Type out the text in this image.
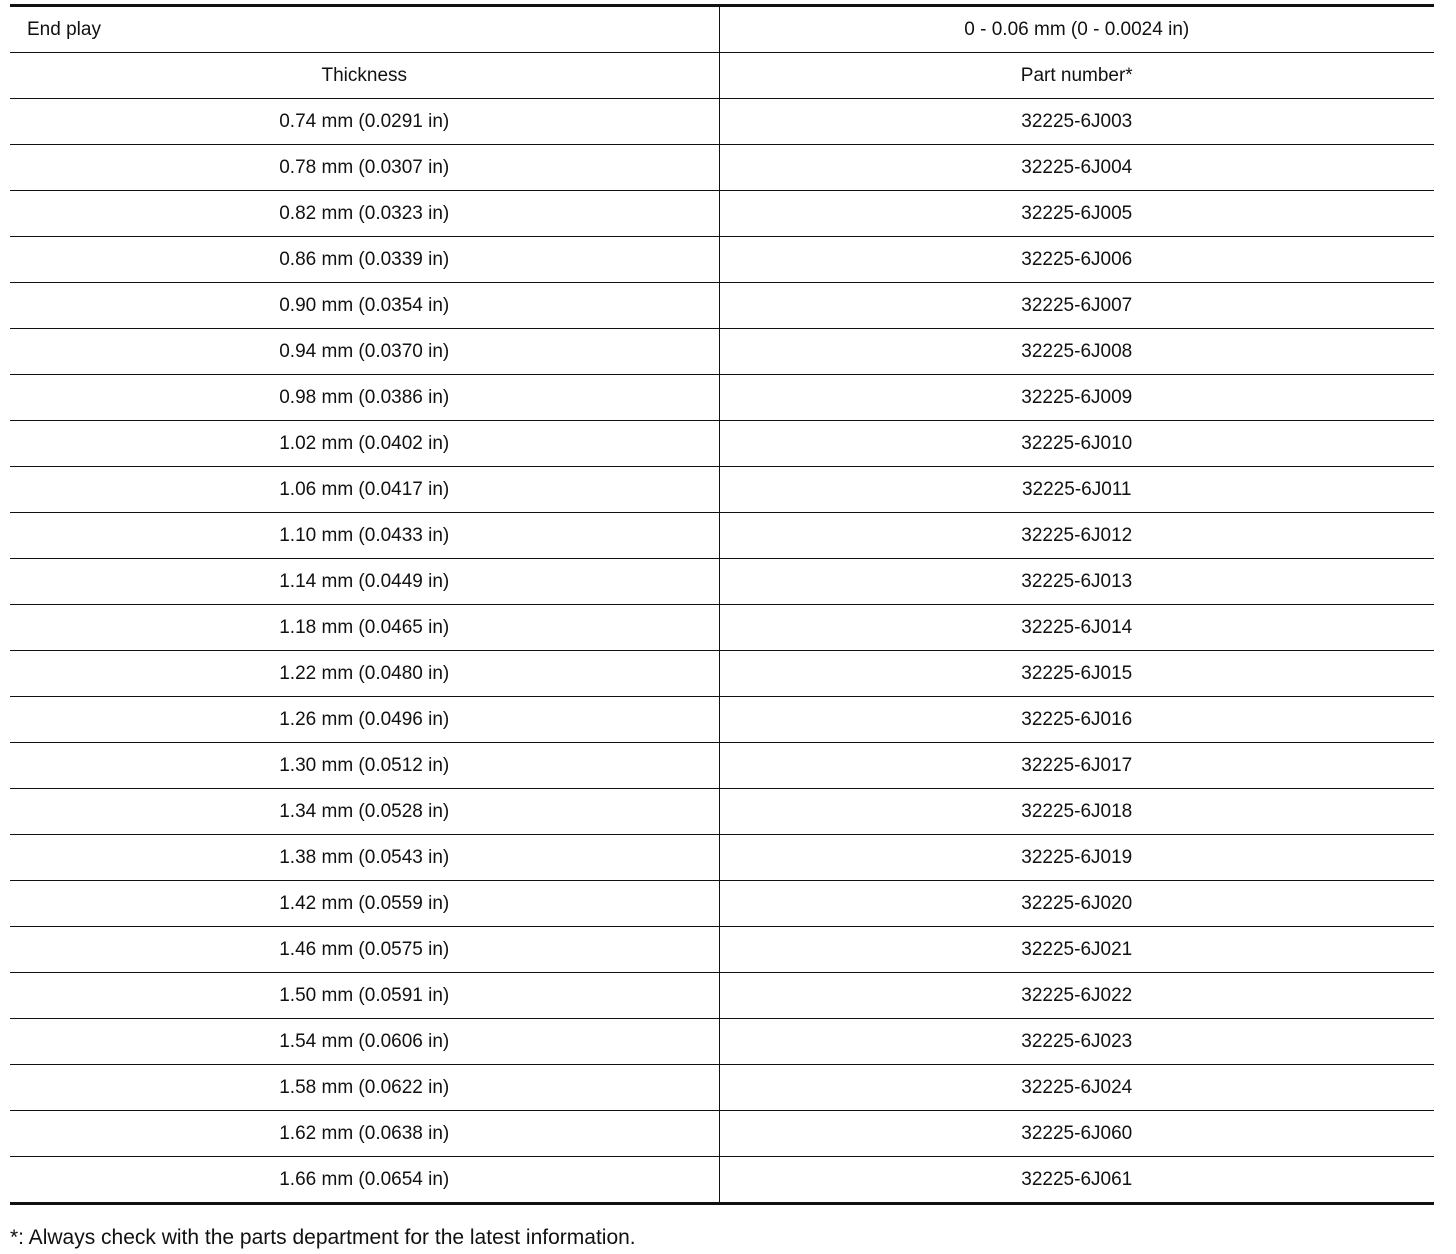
End play	0 - 0.06 mm (0 - 0.0024 in)
Thickness	Part number*
0.74 mm (0.0291 in)	32225-6J003
0.78 mm (0.0307 in)	32225-6J004
0.82 mm (0.0323 in)	32225-6J005
0.86 mm (0.0339 in)	32225-6J006
0.90 mm (0.0354 in)	32225-6J007
0.94 mm (0.0370 in)	32225-6J008
0.98 mm (0.0386 in)	32225-6J009
1.02 mm (0.0402 in)	32225-6J010
1.06 mm (0.0417 in)	32225-6J011
1.10 mm (0.0433 in)	32225-6J012
1.14 mm (0.0449 in)	32225-6J013
1.18 mm (0.0465 in)	32225-6J014
1.22 mm (0.0480 in)	32225-6J015
1.26 mm (0.0496 in)	32225-6J016
1.30 mm (0.0512 in)	32225-6J017
1.34 mm (0.0528 in)	32225-6J018
1.38 mm (0.0543 in)	32225-6J019
1.42 mm (0.0559 in)	32225-6J020
1.46 mm (0.0575 in)	32225-6J021
1.50 mm (0.0591 in)	32225-6J022
1.54 mm (0.0606 in)	32225-6J023
1.58 mm (0.0622 in)	32225-6J024
1.62 mm (0.0638 in)	32225-6J060
1.66 mm (0.0654 in)	32225-6J061
*: Always check with the parts department for the latest information.
